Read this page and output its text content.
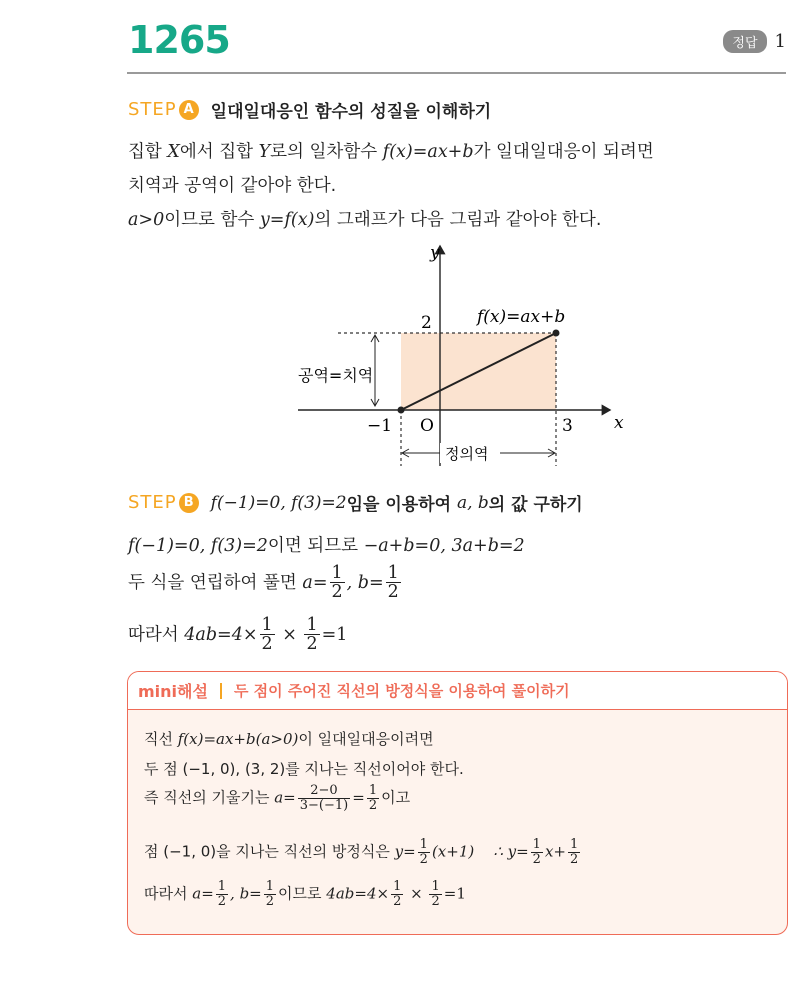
1265	정답 1
STEP A 일대일대응인 함수의 성질을 이해하기
집합 X에서 집합 Y로의 일차함수 f(x)=ax+b가 일대일대응이 되려면
치역과 공역이 같아야 한다.
a>0이므로 함수 y=f(x)의 그래프가 다음 그림과 같아야 한다.
y
x
2	f(x)=ax+b
공역=치역
−1 O	3
정의역
STEP B f(−1)=0, f(3)=2 임을 이용하여
a, b 의 값 구하기
f(−1)=0, f(3)=2이면 되므로 −a+b=0, 3a+b=2
두 식을 연립하여 풀면 $a= \frac{1}{2}$ , $b= \frac{1}{2}$
따라서 $4ab=4\times \frac{1}{2} \times \frac{1}{2} =1$
mini해설 두 점이 주어진 직선의 방정식을 이용하여 풀이하기
직선 f(x)=ax+b(a>0)이 일대일대응이려면
두 점 (−1, 0), (3, 2)를 지나는 직선이어야 한다.
즉 직선의 기울기는 $a= \frac{2-0}{3-(-1)} = \frac{1}{2}$ 이고
점 (−1, 0)을 지나는 직선의 방정식은 $y= \frac{1}{2} (x+1)$ ∴ $y= \frac{1}{2} x+ \frac{1}{2}$
따라서 $a= \frac{1}{2}$ , $b= \frac{1}{2}$ 이므로 $4ab=4\times \frac{1}{2} \times \frac{1}{2} =1$
